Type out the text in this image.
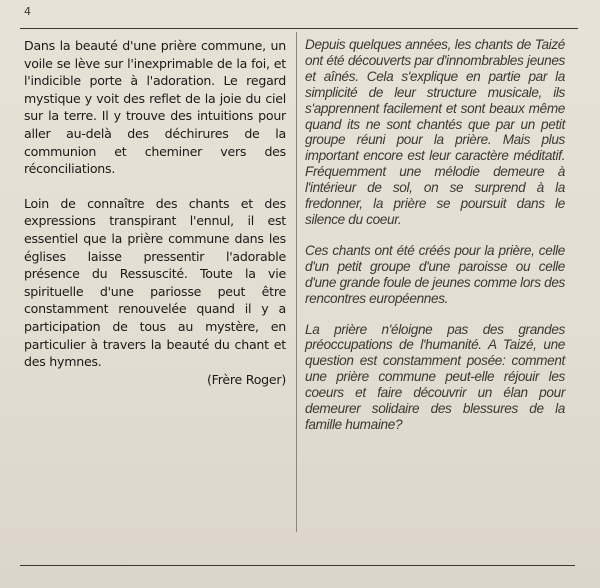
4

Dans la beauté d'une prière commune, un voile se lève sur l'inexprimable de la foi, et l'indicible porte à l'adoration. Le regard mystique y voit des reflet de la joie du ciel sur la terre. Il y trouve des intuitions pour aller au-delà des déchirures de la communion et cheminer vers des réconciliations.

Loin de connaître des chants et des expressions transpirant l'ennul, il est essentiel que la prière commune dans les églises laisse pressentir l'adorable présence du Ressuscité. Toute la vie spirituelle d'une pariosse peut être constamment renouvelée quand il y a participation de tous au mystère, en particulier à travers la beauté du chant et des hymnes.

(Frère Roger)

Depuis quelques années, les chants de Taizé ont été découverts par d'innombrables jeunes et aînés. Cela s'explique en partie par la simplicité de leur structure musicale, ils s'apprennent facilement et sont beaux même quand its ne sont chantés que par un petit groupe réuni pour la prière. Mais plus important encore est leur caractère méditatif. Fréquemment une mélodie demeure à l'intérieur de sol, on se surprend à la fredonner, la prière se poursuit dans le silence du coeur.

Ces chants ont été créés pour la prière, celle d'un petit groupe d'une paroisse ou celle d'une grande foule de jeunes comme lors des rencontres européennes.

La prière n'éloigne pas des grandes préoccupations de l'humanité. A Taizé, une question est constamment posée: comment une prière commune peut-elle réjouir les coeurs et faire découvrir un élan pour demeurer solidaire des blessures de la famille humaine?
